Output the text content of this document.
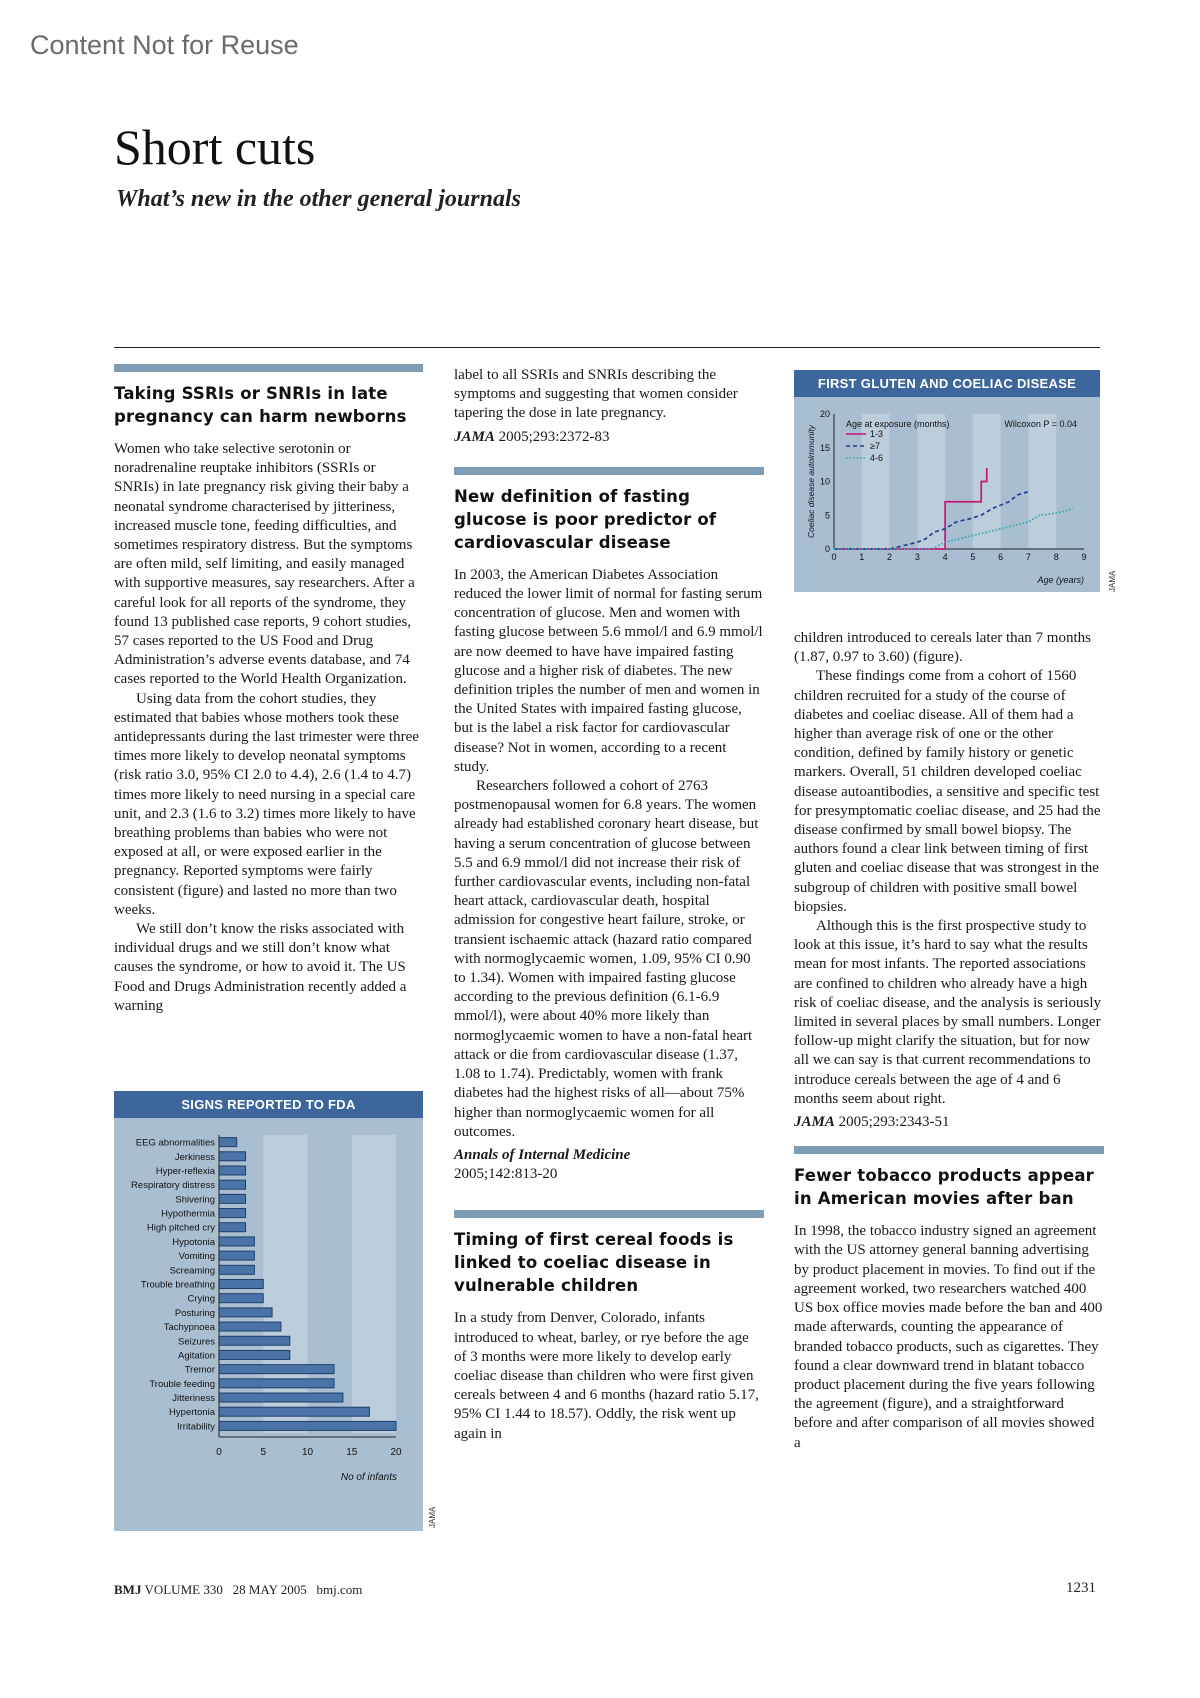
Content Not for Reuse
Short cuts
What’s new in the other general journals
Taking SSRIs or SNRIs in late pregnancy can harm newborns

Women who take selective serotonin or noradrenaline reuptake inhibitors (SSRIs or SNRIs) in late pregnancy risk giving their baby a neonatal syndrome characterised by jitteriness, increased muscle tone, feeding difficulties, and sometimes respiratory distress. But the symptoms are often mild, self limiting, and easily managed with supportive measures, say researchers. After a careful look for all reports of the syndrome, they found 13 published case reports, 9 cohort studies, 57 cases reported to the US Food and Drug Administration’s adverse events database, and 74 cases reported to the World Health Organization.

Using data from the cohort studies, they estimated that babies whose mothers took these antidepressants during the last trimester were three times more likely to develop neonatal symptoms (risk ratio 3.0, 95% CI 2.0 to 4.4), 2.6 (1.4 to 4.7) times more likely to need nursing in a special care unit, and 2.3 (1.6 to 3.2) times more likely to have breathing problems than babies who were not exposed at all, or were exposed earlier in the pregnancy. Reported symptoms were fairly consistent (figure) and lasted no more than two weeks.

We still don’t know the risks associated with individual drugs and we still don’t know what causes the syndrome, or how to avoid it. The US Food and Drugs Administration recently added a warning

SIGNS REPORTED TO FDA
EEG abnormalities
Jerkiness
Hyper-reflexia
Respiratory distress
Shivering
Hypothermia
High pitched cry
Hypotonia
Vomiting
Screaming
Trouble breathing
Crying
Posturing
Tachypnoea
Seizures
Agitation
Tremor
Trouble feeding
Jitteriness
Hypertonia
Irritability
0	5	10	15	20
No of infants
JAMA

label to all SSRIs and SNRIs describing the symptoms and suggesting that women consider tapering the dose in late pregnancy.

JAMA 2005;293:2372-83

New definition of fasting glucose is poor predictor of cardiovascular disease

In 2003, the American Diabetes Association reduced the lower limit of normal for fasting serum concentration of glucose. Men and women with fasting glucose between 5.6 mmol/l and 6.9 mmol/l are now deemed to have have impaired fasting glucose and a higher risk of diabetes. The new definition triples the number of men and women in the United States with impaired fasting glucose, but is the label a risk factor for cardiovascular disease? Not in women, according to a recent study.

Researchers followed a cohort of 2763 postmenopausal women for 6.8 years. The women already had established coronary heart disease, but having a serum concentration of glucose between 5.5 and 6.9 mmol/l did not increase their risk of further cardiovascular events, including non-fatal heart attack, cardiovascular death, hospital admission for congestive heart failure, stroke, or transient ischaemic attack (hazard ratio compared with normoglycaemic women, 1.09, 95% CI 0.90 to 1.34). Women with impaired fasting glucose according to the previous definition (6.1-6.9 mmol/l), were about 40% more likely than normoglycaemic women to have a non-fatal heart attack or die from cardiovascular disease (1.37, 1.08 to 1.74). Predictably, women with frank diabetes had the highest risks of all—about 75% higher than normoglycaemic women for all outcomes.

Annals of Internal Medicine
2005;142:813-20

Timing of first cereal foods is linked to coeliac disease in vulnerable children

In a study from Denver, Colorado, infants introduced to wheat, barley, or rye before the age of 3 months were more likely to develop early coeliac disease than children who were first given cereals between 4 and 6 months (hazard ratio 5.17, 95% CI 1.44 to 18.57). Oddly, the risk went up again in

FIRST GLUTEN AND COELIAC DISEASE
0
5
10
15
20
0	1	2	3	4	5	6	7	8	9
Age (years)
Coeliac disease autoimmunity
Age at exposure (months)	Wilcoxon P = 0.04
1-3
≥7
4-6
JAMA

children introduced to cereals later than 7 months (1.87, 0.97 to 3.60) (figure).

These findings come from a cohort of 1560 children recruited for a study of the course of diabetes and coeliac disease. All of them had a higher than average risk of one or the other condition, defined by family history or genetic markers. Overall, 51 children developed coeliac disease autoantibodies, a sensitive and specific test for presymptomatic coeliac disease, and 25 had the disease confirmed by small bowel biopsy. The authors found a clear link between timing of first gluten and coeliac disease that was strongest in the subgroup of children with positive small bowel biopsies.

Although this is the first prospective study to look at this issue, it’s hard to say what the results mean for most infants. The reported associations are confined to children who already have a high risk of coeliac disease, and the analysis is seriously limited in several places by small numbers. Longer follow-up might clarify the situation, but for now all we can say is that current recommendations to introduce cereals between the age of 4 and 6 months seem about right.

JAMA 2005;293:2343-51

Fewer tobacco products appear in American movies after ban

In 1998, the tobacco industry signed an agreement with the US attorney general banning advertising by product placement in movies. To find out if the agreement worked, two researchers watched 400 US box office movies made before the ban and 400 made afterwards, counting the appearance of branded tobacco products, such as cigarettes. They found a clear downward trend in blatant tobacco product placement during the five years following the agreement (figure), and a straightforward before and after comparison of all movies showed a

BMJ VOLUME 330   28 MAY 2005   bmj.com	1231
